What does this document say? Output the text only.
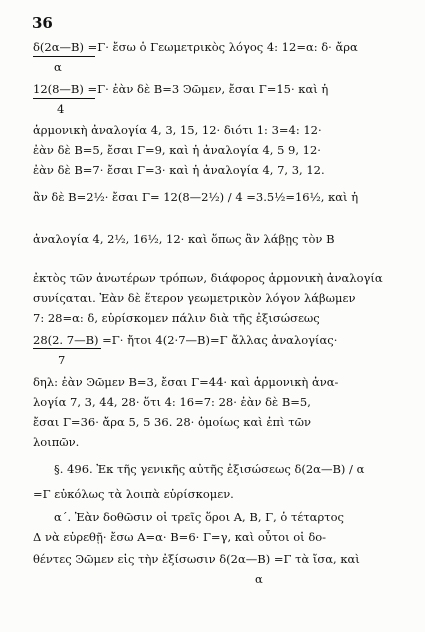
36
δ(2α—Β) =Γ· ἔσω ὁ Γεωμετρικὸς λόγος 4: 12=α: δ· ἄρα
α
12(8—Β) =Γ· ἐὰν δὲ Β=3 Ͽῶμεν, ἔσαι Γ=15· καὶ ἡ
4
ἁρμονικὴ ἀναλογία 4, 3, 15, 12· διότι 1: 3=4: 12·
ἐὰν δὲ Β=5, ἔσαι Γ=9, καὶ ἡ ἀναλογία 4, 5 9, 12·
ἐὰν δὲ Β=7· ἔσαι Γ=3· καὶ ἡ ἀναλογία 4, 7, 3, 12.
ἂν δὲ Β=2½· ἔσαι Γ= 12(8—2½) / 4 =3.5½=16½, καὶ ἡ
ἀναλογία 4, 2½, 16½, 12· καὶ ὅπως ἂν λάβῃς τὸν Β
ἐκτὸς τῶν ἀνωτέρων τρόπων, διάφορος ἁρμονικὴ ἀναλογία
συνίςαται. Ἐὰν δὲ ἕτερον γεωμετρικὸν λόγον λάβωμεν
7: 28=α: δ, εὑρίσκομεν πάλιν διὰ τῆς ἐξισώσεως
28(2. 7—Β) =Γ· ἤτοι 4(2·7—Β)=Γ ἄλλας ἀναλογίας·
7
δηλ: ἐὰν Ͽῶμεν Β=3, ἔσαι Γ=44· καὶ ἁρμονικὴ ἀνα-
λογία 7, 3, 44, 28· ὅτι 4: 16=7: 28· ἐὰν δὲ Β=5,
ἔσαι Γ=36· ἄρα 5, 5 36. 28· ὁμοίως καὶ ἐπὶ τῶν
λοιπῶν.
§. 496. Ἐκ τῆς γενικῆς αὐτῆς ἐξισώσεως δ(2α—Β) / α
=Γ εὐκόλως τὰ λοιπὰ εὑρίσκομεν.
α΄. Ἐὰν δοθῶσιν οἱ τρεῖς ὅροι Α, Β, Γ, ὁ τέταρτος
Δ νὰ εὑρεθῇ· ἔσω Α=α· Β=6· Γ=γ, καὶ οὗτοι οἱ δο-
θέντες Ͽῶμεν εἰς τὴν ἐξίσωσιν δ(2α—Β) =Γ τὰ ἴσα, καὶ
α
